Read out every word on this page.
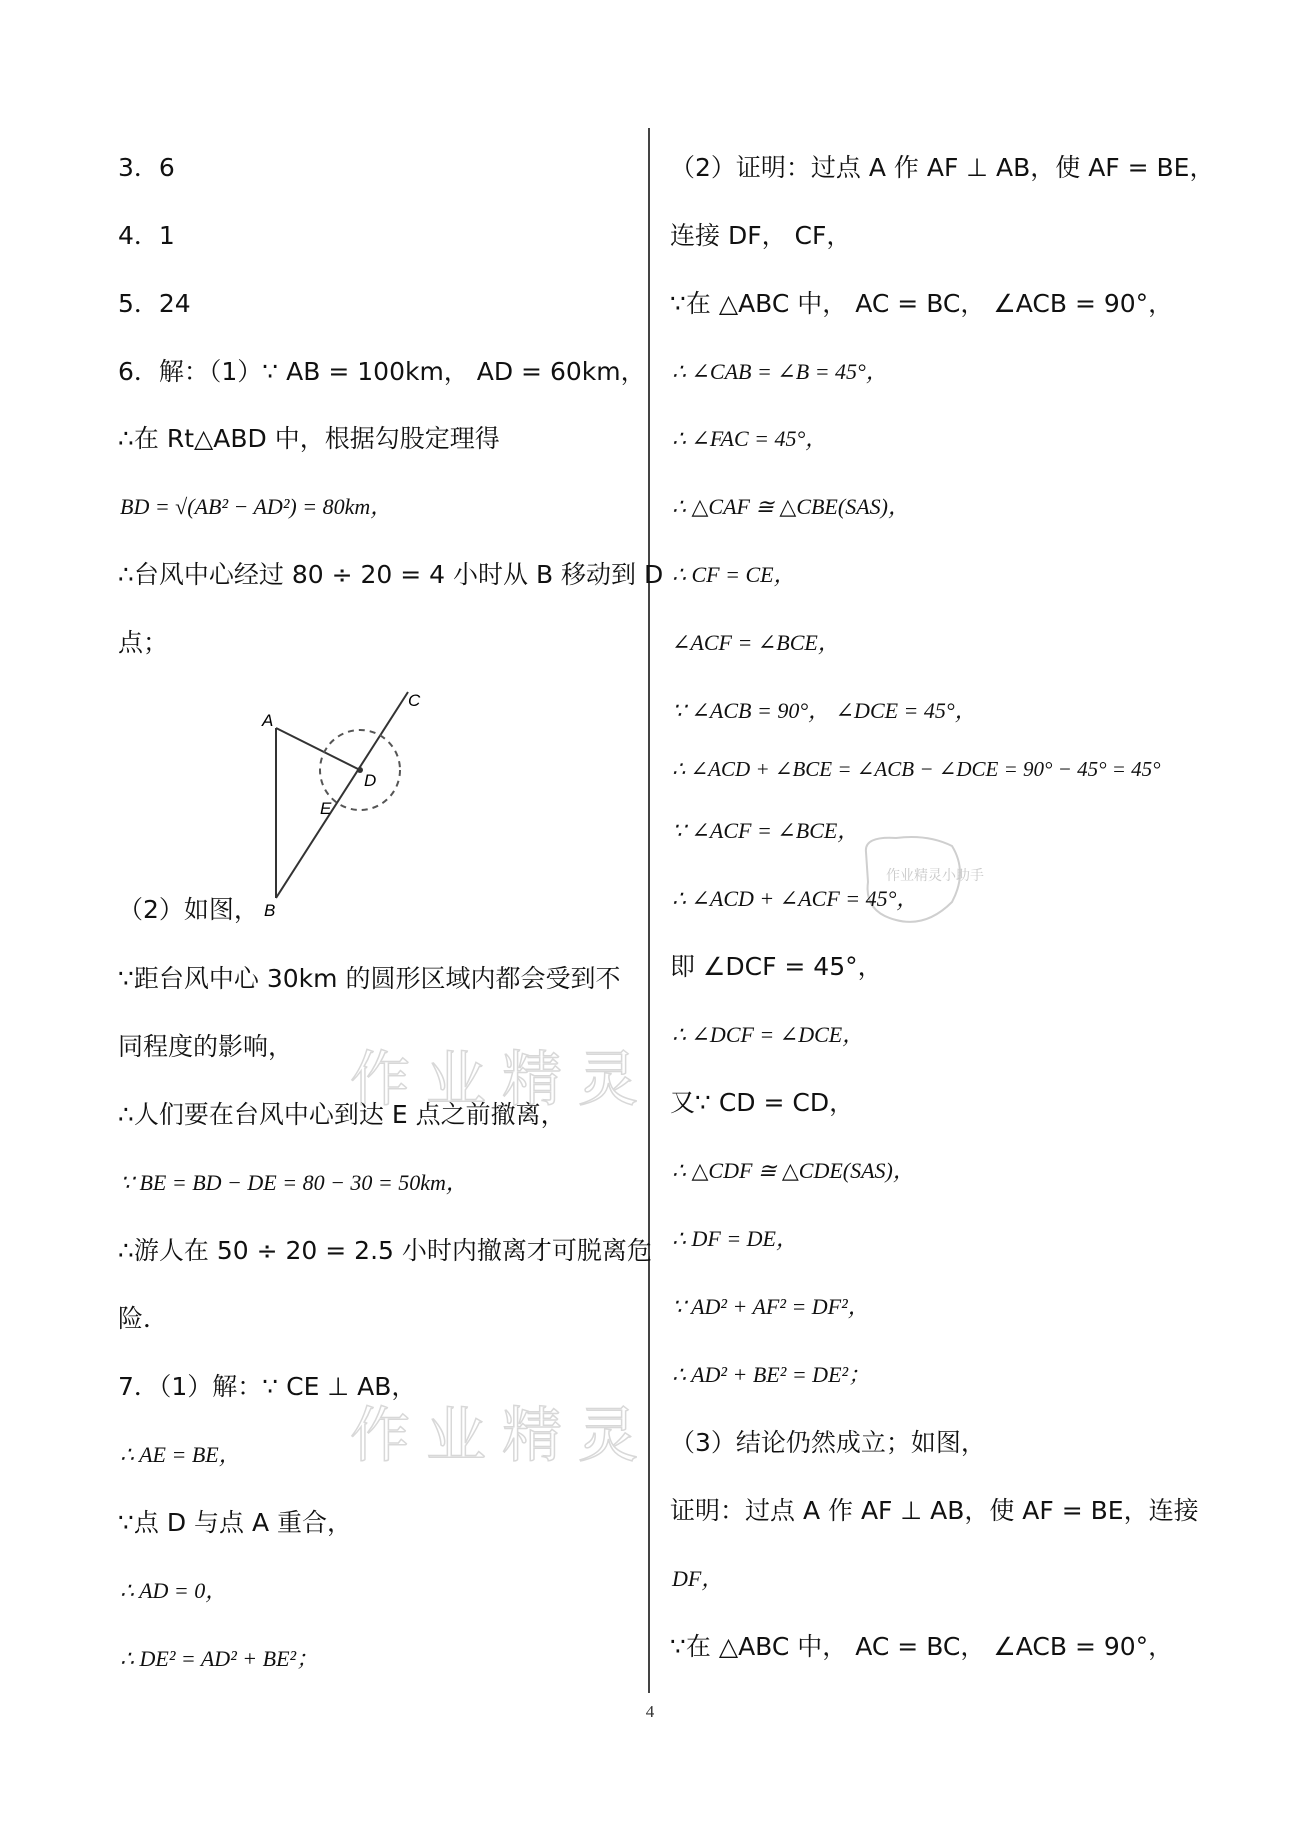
作业精灵
作业精灵
作业精灵小助手
3．6
4．1
5．24
6．解：（1）∵ AB = 100km， AD = 60km，
∴在 Rt△ABD 中，根据勾股定理得
BD = √(AB² − AD²) = 80km，
∴台风中心经过 80 ÷ 20 = 4 小时从 B 移动到 D
点；
A
B
C
D
E
（2）如图，
∵距台风中心 30km 的圆形区域内都会受到不
同程度的影响，
∴人们要在台风中心到达 E 点之前撤离，
∵ BE = BD − DE = 80 − 30 = 50km，
∴游人在 50 ÷ 20 = 2.5 小时内撤离才可脱离危
险．
7．（1）解：∵ CE ⊥ AB，
∴ AE = BE，
∵点 D 与点 A 重合，
∴ AD = 0，
∴ DE² = AD² + BE²；
（2）证明：过点 A 作 AF ⊥ AB，使 AF = BE，
连接 DF， CF，
∵在 △ABC 中， AC = BC， ∠ACB = 90°，
∴ ∠CAB = ∠B = 45°，
∴ ∠FAC = 45°，
∴ △CAF ≅ △CBE(SAS)，
∴ CF = CE，
∠ACF = ∠BCE，
∵ ∠ACB = 90°， ∠DCE = 45°，
∴ ∠ACD + ∠BCE = ∠ACB − ∠DCE = 90° − 45° = 45°
∵ ∠ACF = ∠BCE，
∴ ∠ACD + ∠ACF = 45°，
即 ∠DCF = 45°，
∴ ∠DCF = ∠DCE，
又∵ CD = CD，
∴ △CDF ≅ △CDE(SAS)，
∴ DF = DE，
∵ AD² + AF² = DF²，
∴ AD² + BE² = DE²；
（3）结论仍然成立；如图，
证明：过点 A 作 AF ⊥ AB，使 AF = BE，连接
DF，
∵在 △ABC 中， AC = BC， ∠ACB = 90°，
4
